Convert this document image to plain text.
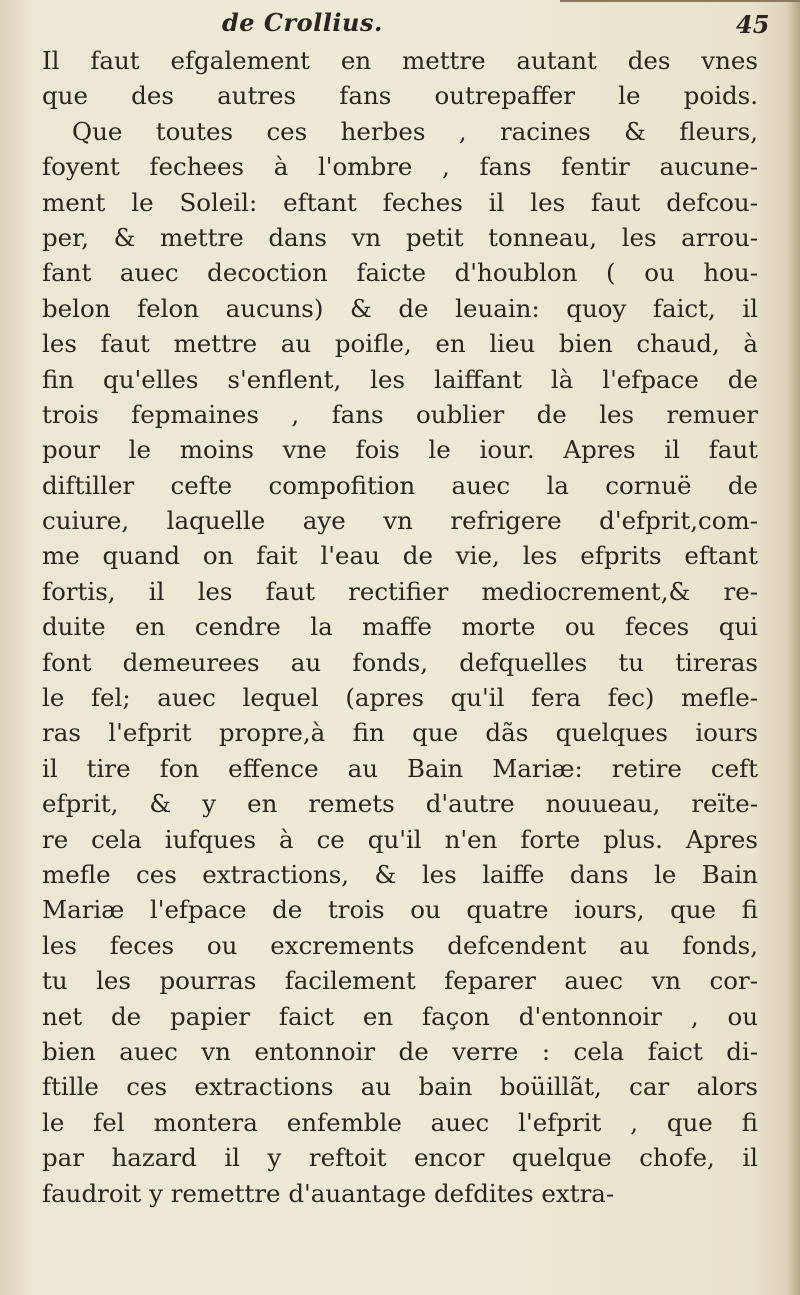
de Crollius.	45
Il faut efgalement en mettre autant des vnes
que des autres fans outrepaffer le poids.
Que toutes ces herbes , racines & fleurs,
foyent fechees à l'ombre , fans fentir aucune-
ment le Soleil: eftant feches il les faut defcou-
per, & mettre dans vn petit tonneau, les arrou-
fant auec decoction faicte d'houblon ( ou hou-
belon felon aucuns) & de leuain: quoy faict, il
les faut mettre au poifle, en lieu bien chaud, à
fin qu'elles s'enflent, les laiffant là l'efpace de
trois fepmaines , fans oublier de les remuer
pour le moins vne fois le iour. Apres il faut
diftiller cefte compofition auec la cornuë de
cuiure, laquelle aye vn refrigere d'efprit,com-
me quand on fait l'eau de vie, les efprits eftant
fortis, il les faut rectifier mediocrement,& re-
duite en cendre la maffe morte ou feces qui
font demeurees au fonds, defquelles tu tireras
le fel; auec lequel (apres qu'il fera fec) mefle-
ras l'efprit propre,à fin que dãs quelques iours
il tire fon effence au Bain Mariæ: retire ceft
efprit, & y en remets d'autre nouueau, reïte-
re cela iufques à ce qu'il n'en forte plus. Apres
mefle ces extractions, & les laiffe dans le Bain
Mariæ l'efpace de trois ou quatre iours, que fi
les feces ou excrements defcendent au fonds,
tu les pourras facilement feparer auec vn cor-
net de papier faict en façon d'entonnoir , ou
bien auec vn entonnoir de verre : cela faict di-
ftille ces extractions au bain boüillãt, car alors
le fel montera enfemble auec l'efprit , que fi
par hazard il y reftoit encor quelque chofe, il
faudroit y remettre d'auantage defdites extra-
